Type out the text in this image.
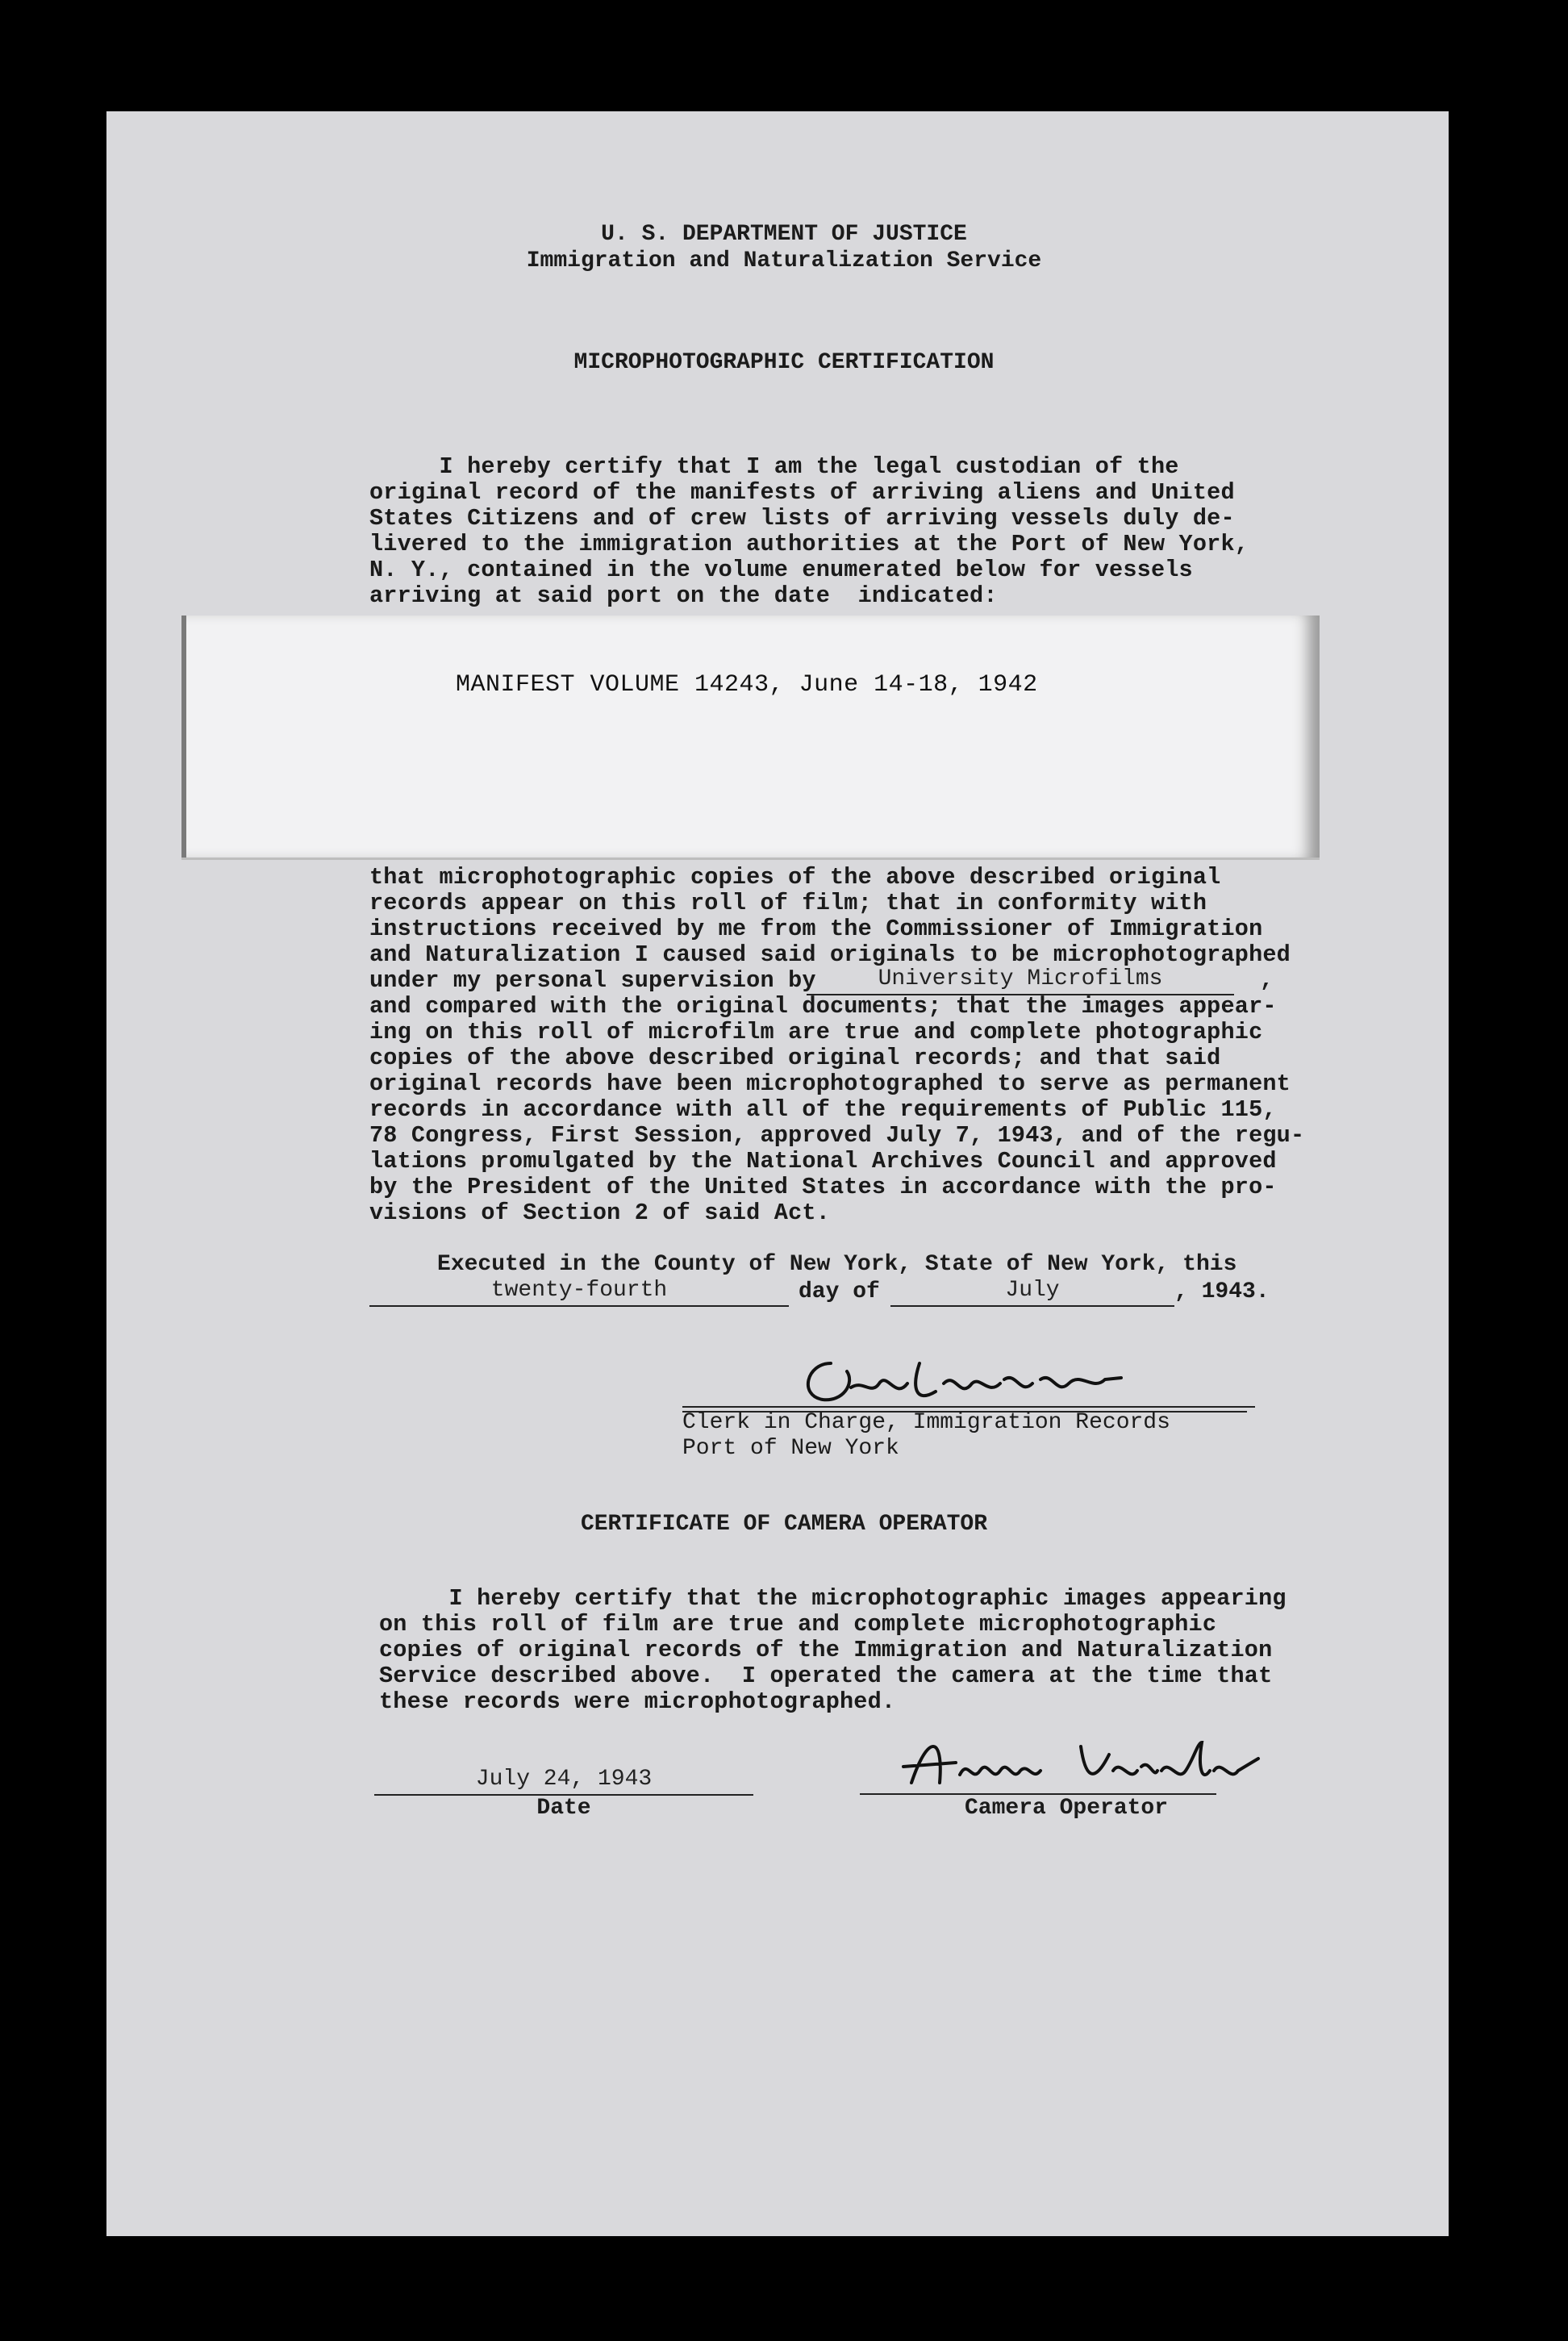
U. S. DEPARTMENT OF JUSTICE
Immigration and Naturalization Service
MICROPHOTOGRAPHIC CERTIFICATION
I hereby certify that I am the legal custodian of the
original record of the manifests of arriving aliens and United
States Citizens and of crew lists of arriving vessels duly de-
livered to the immigration authorities at the Port of New York,
N. Y., contained in the volume enumerated below for vessels
arriving at said port on the date  indicated:
MANIFEST VOLUME 14243, June 14-18, 1942
that microphotographic copies of the above described original
records appear on this roll of film; that in conformity with
instructions received by me from the Commissioner of Immigration
and Naturalization I caused said originals to be microphotographed
under my personal supervision by
and compared with the original documents; that the images appear-
ing on this roll of microfilm are true and complete photographic
copies of the above described original records; and that said
original records have been microphotographed to serve as permanent
records in accordance with all of the requirements of Public 115,
78 Congress, First Session, approved July 7, 1943, and of the regu-
lations promulgated by the National Archives Council and approved
by the President of the United States in accordance with the pro-
visions of Section 2 of said Act.
University Microfilms	,
Executed in the County of New York, State of New York, this
twenty-fourth	day of	July	, 1943.
Clerk in Charge, Immigration Records
Port of New York
CERTIFICATE OF CAMERA OPERATOR
I hereby certify that the microphotographic images appearing
on this roll of film are true and complete microphotographic
copies of original records of the Immigration and Naturalization
Service described above.  I operated the camera at the time that
these records were microphotographed.
July 24, 1943
Date	Camera Operator
